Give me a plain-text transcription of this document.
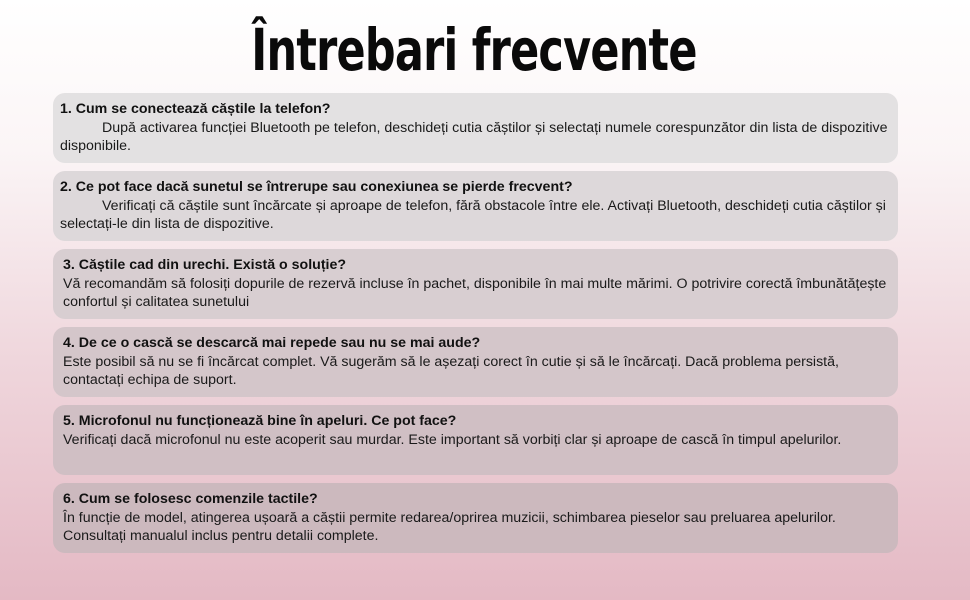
Întrebari frecvente
1. Cum se conectează căștile la telefon?
După activarea funcției Bluetooth pe telefon, deschideți cutia căștilor și selectați numele corespunzător din lista de dispozitive disponibile.
2. Ce pot face dacă sunetul se întrerupe sau conexiunea se pierde frecvent?
Verificați că căștile sunt încărcate și aproape de telefon, fără obstacole între ele. Activați Bluetooth, deschideți cutia căștilor și selectați-le din lista de dispozitive.
3. Căștile cad din urechi. Există o soluție?
Vă recomandăm să folosiți dopurile de rezervă incluse în pachet, disponibile în mai multe mărimi. O potrivire corectă îmbunătățește confortul și calitatea sunetului
4. De ce o cască se descarcă mai repede sau nu se mai aude?
Este posibil să nu se fi încărcat complet. Vă sugerăm să le așezați corect în cutie și să le încărcați. Dacă problema persistă, contactați echipa de suport.
5. Microfonul nu funcționează bine în apeluri. Ce pot face?
Verificați dacă microfonul nu este acoperit sau murdar. Este important să vorbiți clar și aproape de cască în timpul apelurilor.
6. Cum se folosesc comenzile tactile?
În funcție de model, atingerea ușoară a căștii permite redarea/oprirea muzicii, schimbarea pieselor sau preluarea apelurilor. Consultați manualul inclus pentru detalii complete.
